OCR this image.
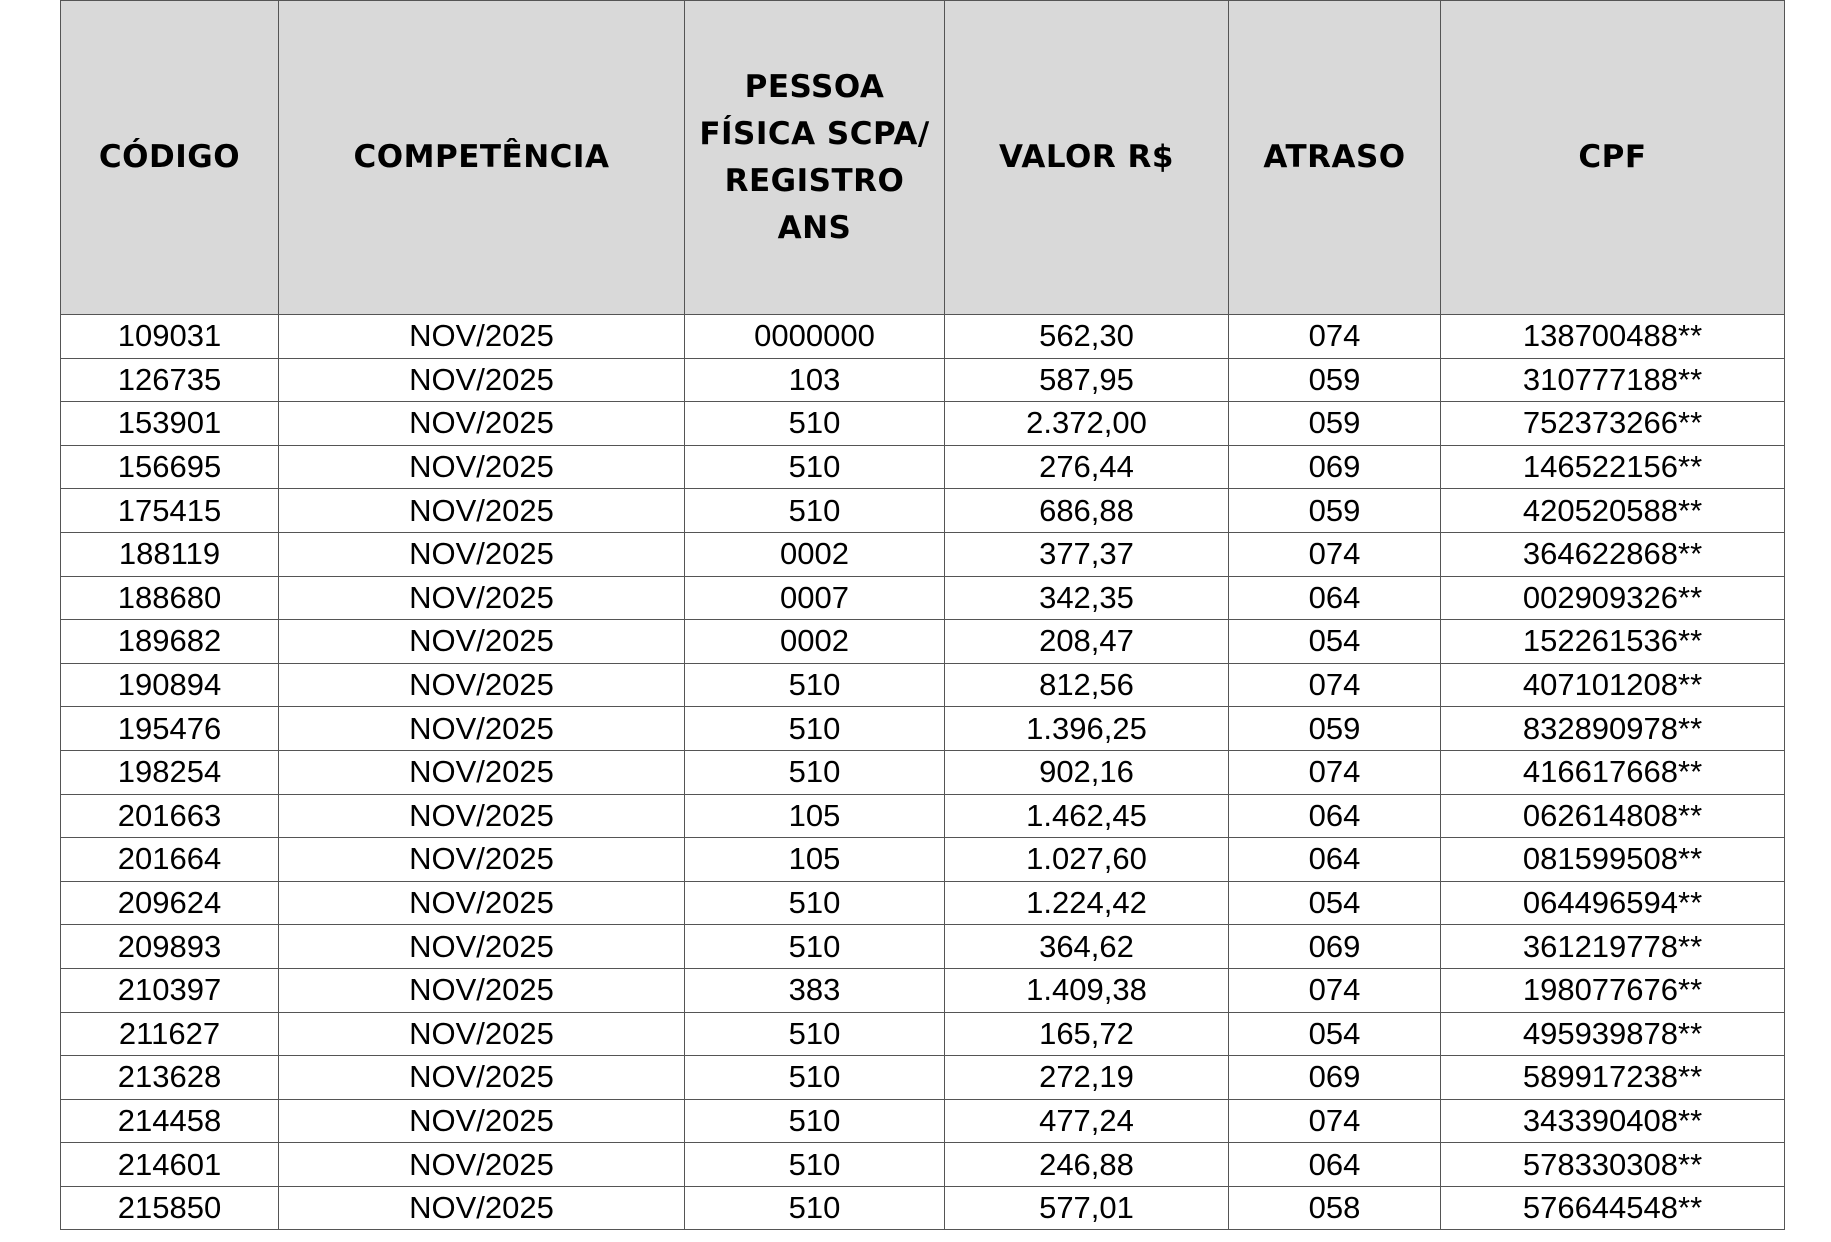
CÓDIGO	COMPETÊNCIA	PESSOA FÍSICA SCPA/ REGISTRO ANS	VALOR R$	ATRASO	CPF
109031	NOV/2025	0000000	562,30	074	138700488**
126735	NOV/2025	103	587,95	059	310777188**
153901	NOV/2025	510	2.372,00	059	752373266**
156695	NOV/2025	510	276,44	069	146522156**
175415	NOV/2025	510	686,88	059	420520588**
188119	NOV/2025	0002	377,37	074	364622868**
188680	NOV/2025	0007	342,35	064	002909326**
189682	NOV/2025	0002	208,47	054	152261536**
190894	NOV/2025	510	812,56	074	407101208**
195476	NOV/2025	510	1.396,25	059	832890978**
198254	NOV/2025	510	902,16	074	416617668**
201663	NOV/2025	105	1.462,45	064	062614808**
201664	NOV/2025	105	1.027,60	064	081599508**
209624	NOV/2025	510	1.224,42	054	064496594**
209893	NOV/2025	510	364,62	069	361219778**
210397	NOV/2025	383	1.409,38	074	198077676**
211627	NOV/2025	510	165,72	054	495939878**
213628	NOV/2025	510	272,19	069	589917238**
214458	NOV/2025	510	477,24	074	343390408**
214601	NOV/2025	510	246,88	064	578330308**
215850	NOV/2025	510	577,01	058	576644548**
